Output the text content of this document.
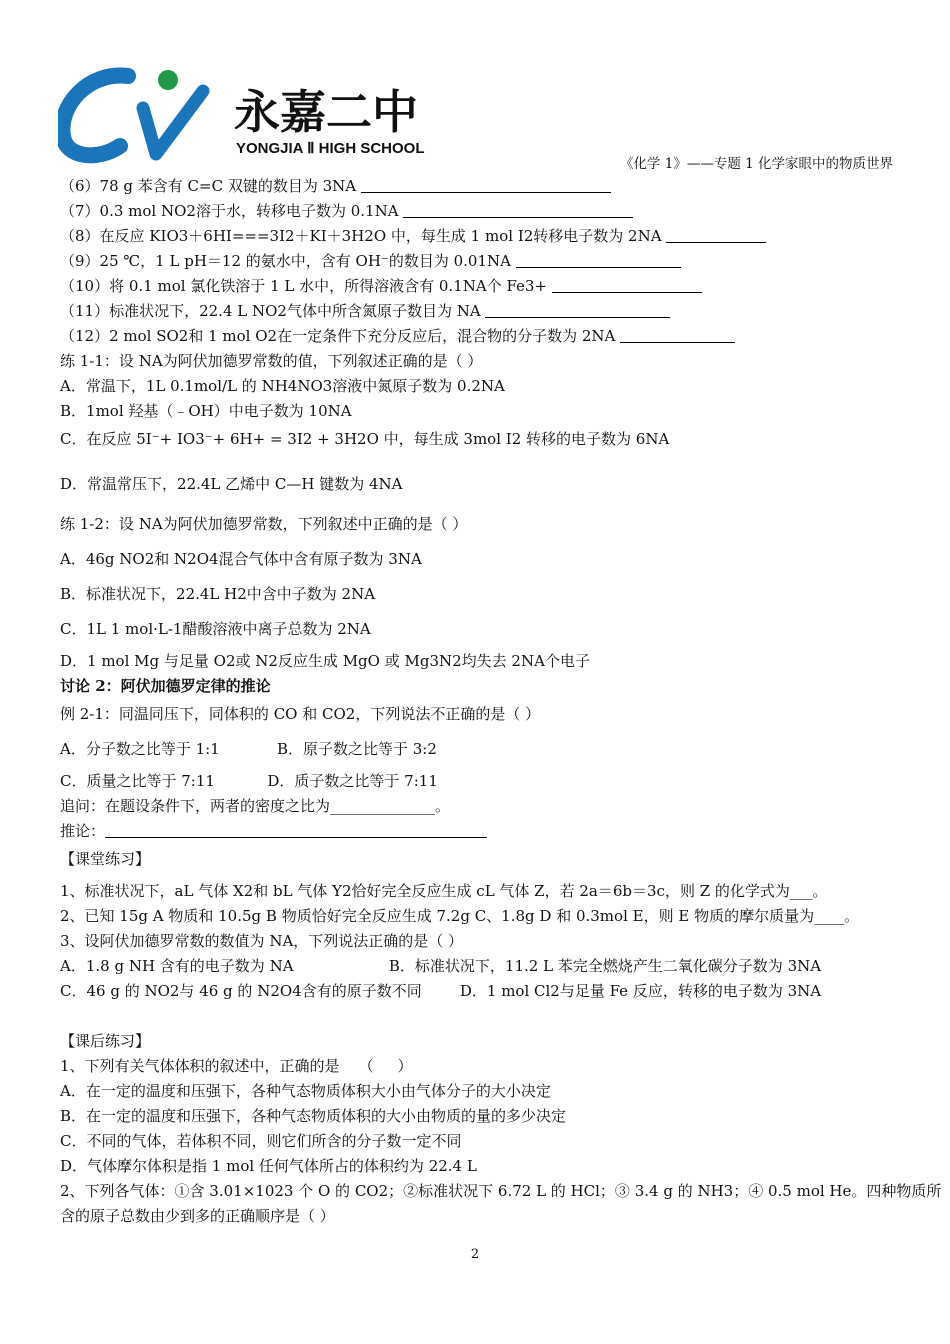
永嘉二中
YONGJIA Ⅱ HIGH SCHOOL
《化学 1》——专题 1 化学家眼中的物质世界
（6）78 g 苯含有 C=C 双键的数目为 3NA
（7）0.3 mol NO2溶于水，转移电子数为 0.1NA
（8）在反应 KIO3＋6HI===3I2＋KI＋3H2O 中，每生成 1 mol I2转移电子数为 2NA
（9）25 ℃，1 L pH＝12 的氨水中，含有 OH⁻的数目为 0.01NA
（10）将 0.1 mol 氯化铁溶于 1 L 水中，所得溶液含有 0.1NA个 Fe3+
（11）标准状况下，22.4 L NO2气体中所含氮原子数目为 NA
（12）2 mol SO2和 1 mol O2在一定条件下充分反应后，混合物的分子数为 2NA
练 1-1：设 NA为阿伏加德罗常数的值，下列叙述正确的是（ ）
A．常温下，1L 0.1mol/L 的 NH4NO3溶液中氮原子数为 0.2NA
B．1mol 羟基（﹣OH）中电子数为 10NA
C．在反应 5I⁻+ IO3⁻+ 6H+ = 3I2 + 3H2O 中，每生成 3mol I2 转移的电子数为 6NA
D．常温常压下，22.4L 乙烯中 C—H 键数为 4NA
练 1-2：设 NA为阿伏加德罗常数，下列叙述中正确的是（ ）
A．46g NO2和 N2O4混合气体中含有原子数为 3NA
B．标准状况下，22.4L H2中含中子数为 2NA
C．1L 1 mol·L-1醋酸溶液中离子总数为 2NA
D．1 mol Mg 与足量 O2或 N2反应生成 MgO 或 Mg3N2均失去 2NA个电子
讨论 2：阿伏加德罗定律的推论
例 2-1：同温同压下，同体积的 CO 和 CO2，下列说法不正确的是（ ）
A．分子数之比等于 1:1            B．原子数之比等于 3:2
C．质量之比等于 7:11           D．质子数之比等于 7:11
追问：在题设条件下，两者的密度之比为______________。
推论：
【课堂练习】
1、标准状况下，aL 气体 X2和 bL 气体 Y2恰好完全反应生成 cL 气体 Z，若 2a＝6b＝3c，则 Z 的化学式为___。
2、已知 15g A 物质和 10.5g B 物质恰好完全反应生成 7.2g C、1.8g D 和 0.3mol E，则 E 物质的摩尔质量为____。
3、设阿伏加德罗常数的数值为 NA，下列说法正确的是（ ）
A．1.8 g NH 含有的电子数为 NA                    B．标准状况下，11.2 L 苯完全燃烧产生二氧化碳分子数为 3NA
C．46 g 的 NO2与 46 g 的 N2O4含有的原子数不同        D．1 mol Cl2与足量 Fe 反应，转移的电子数为 3NA
【课后练习】
1、下列有关气体体积的叙述中，正确的是    （     ）
A．在一定的温度和压强下，各种气态物质体积大小由气体分子的大小决定
B．在一定的温度和压强下，各种气态物质体积的大小由物质的量的多少决定
C．不同的气体，若体积不同，则它们所含的分子数一定不同
D．气体摩尔体积是指 1 mol 任何气体所占的体积约为 22.4 L
2、下列各气体：①含 3.01×1023 个 O 的 CO2；②标准状况下 6.72 L 的 HCl；③ 3.4 g 的 NH3；④ 0.5 mol He。四种物质所
含的原子总数由少到多的正确顺序是（ ）
2
